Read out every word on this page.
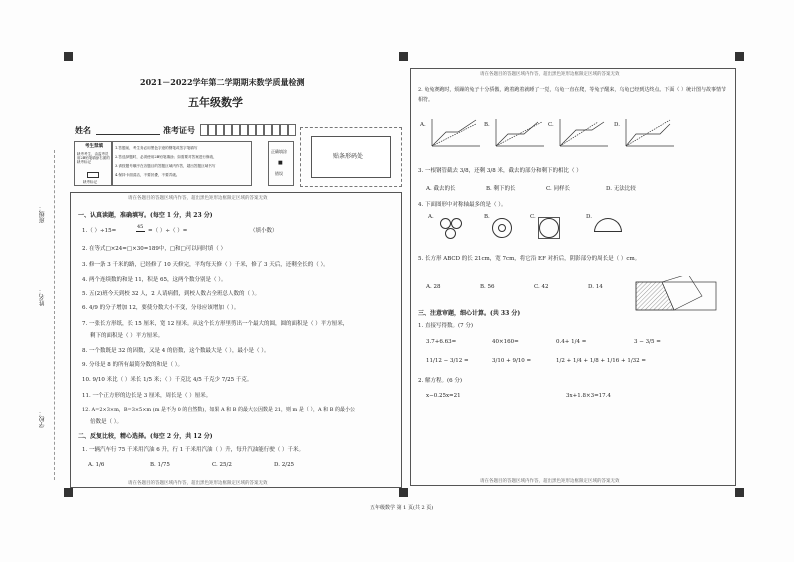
班级：
姓名：
学校：
2021－2022学年第二学期期末数学质量检测
五年级数学
姓名	准考证号
考生禁填
缺考考生，由监考员用2B铅笔填涂右面的缺考标记
缺考标记
1.答题前，考生务必用黑色字迹的钢笔或签字笔填写
2.答选择题时，必须使用2B铅笔填涂；如需要对答案进行修改，
3.请按题号顺序在各题目的答题区域内作答，超出答题区域书写
4.保持卡面清洁，不要折叠，不要弄破。
正确填涂
■
错误
贴条形码处
请在各题目的答题区域内作答，超出黑色矩形边框限定区域的答案无效
一、认真读题，准确填写。(每空 1 分，共 23 分)
1.（ ）÷15=
45
=（ ）÷（ ）=	（填小数）
2. 在等式□×24=□×30=189中，□和□可以同时填（ ）
3. 修一条 3 千米的路，已经修了 10 天修完，平均每天修（ ）千米，修了 3 天后，还剩全长的（ ）。
4. 两个连续数的和是 11，积是 65，这两个数分别是（ ）。
5. 五(2)班今天到校 32 人，2 人请病假，到校人数占全班总人数的（ ）。
6. 4/9 的分子增加 12，要使分数大小不变，分母应该增加（ ）。
7. 一张长方形纸，长 15 厘米，宽 12 厘米。从这个长方形里剪出一个最大的圆，圆的面积是（ ）平方厘米，
剩下的面积是（ ）平方厘米。
8. 一个数既是 32 的因数，又是 4 的倍数，这个数最大是（ ），最小是（ ）。
9. 分母是 8 的所有最简分数的和是（ ）。
10. 9/10 米比（ ）米长 1/5 米；（ ）千克比 4/5 千克少 7/25 千克。
11. 一个正方形的边长是 3 厘米，周长是（ ）厘米。
12. A=2×3×m，B=3×5×m (m 是不为 0 的自然数)，如果 A 和 B 的最大公因数是 21，则 m 是（ ），A 和 B 的最小公
倍数是（ ）。
二、反复比较，精心选择。(每空 2 分，共 12 分)
1. 一辆汽车行 75 千米用汽油 6 升，行 1 千米用汽油（ ）升，每升汽油能行驶（ ）千米。
A. 1/6	B. 1/75	C. 25/2	D. 2/25
请在各题目的答题区域内作答，超出黑色矩形边框限定区域的答案无效
请在各题目的答题区域内作答，超出黑色矩形边框限定区域的答案无效
2. 龟兔赛跑时，烦躁的兔子十分骄傲，跑着跑着就睡了一觉，乌龟一直在爬，等兔子醒来，乌龟已经到达终点。下面（ ）统计图与故事情节相符。
A.	B.	C.	D.
3. 一根钢管截去 3/8，还剩 3/8 米，截去的部分和剩下的相比（ ）
A. 截去的长	B. 剩下的长	C. 同样长	D. 无法比较
4. 下面图形中对称轴最多的是（ ）。
A.	B.	C.	D.
5. 长方形 ABCD 的长 21cm，宽 7cm，将它沿 EF 对折后，阴影部分的周长是（ ）cm。
A. 28	B. 56	C. 42	D. 14
三、注意审题，细心计算。(共 33 分)
1. 直接写得数。(7 分)
3.7+6.63=	40×160=	0.4+ 1/4 =	3 − 3/5 =
11/12 − 3/12 =	3/10 + 9/10 =	1/2 + 1/4 + 1/8 + 1/16 + 1/32 =
2. 解方程。(6 分)
x−0.25x=21	3x+1.8×3=17.4
请在各题目的答题区域内作答，超出黑色矩形边框限定区域的答案无效
五年级数学 第 1 页(共 2 页)
